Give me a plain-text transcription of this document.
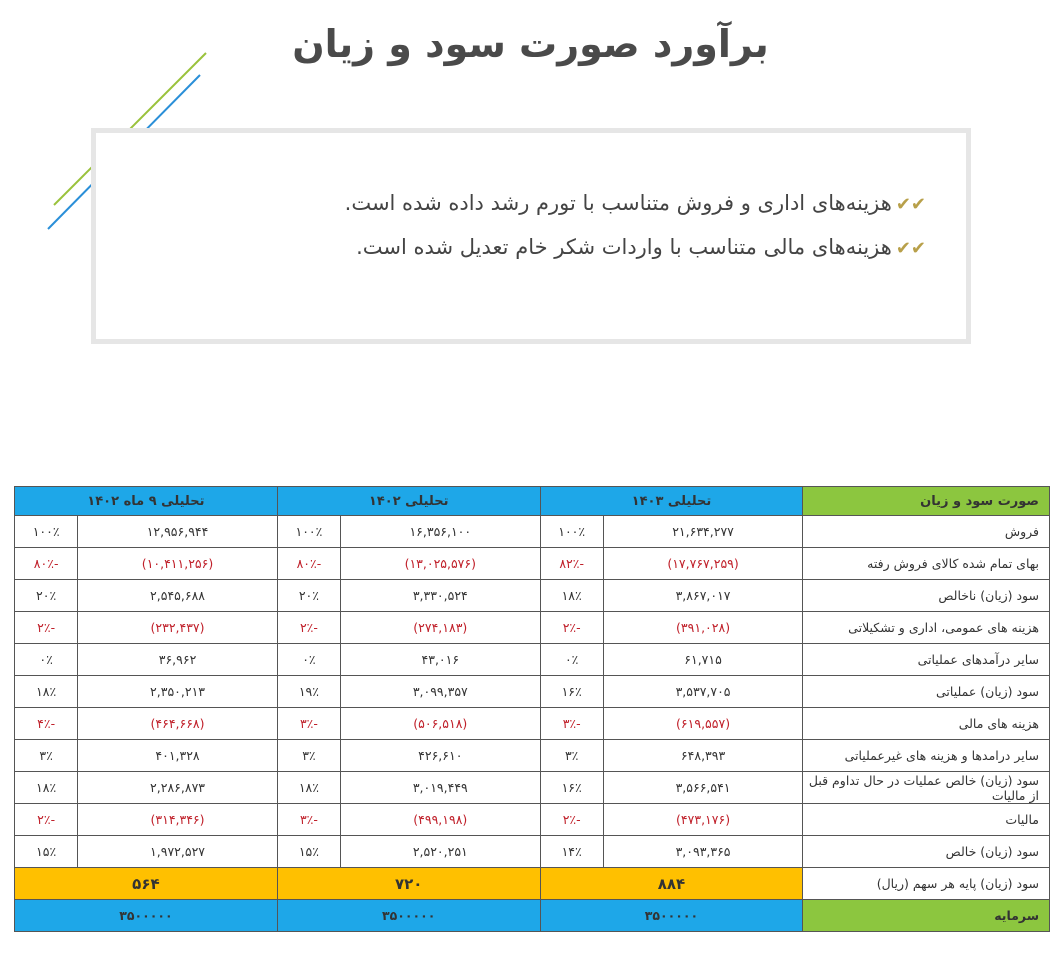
برآورد صورت سود و زیان
✔✔هزینه‌های اداری و فروش متناسب با تورم رشد داده شده است.
✔✔هزینه‌های مالی متناسب با واردات شکر خام تعدیل شده است.
صورت سود و زیان	تحلیلی ۱۴۰۳		تحلیلی ۱۴۰۲		تحلیلی ۹ ماه ۱۴۰۲	
فروش	۲۱,۶۳۴,۲۷۷	۱۰۰٪	۱۶,۳۵۶,۱۰۰	۱۰۰٪	۱۲,۹۵۶,۹۴۴	۱۰۰٪
بهای تمام شده کالای فروش رفته	(۱۷,۷۶۷,۲۵۹)	-۸۲٪	(۱۳,۰۲۵,۵۷۶)	-۸۰٪	(۱۰,۴۱۱,۲۵۶)	-۸۰٪
سود (زیان) ناخالص	۳,۸۶۷,۰۱۷	۱۸٪	۳,۳۳۰,۵۲۴	۲۰٪	۲,۵۴۵,۶۸۸	۲۰٪
هزینه های عمومی، اداری و تشکیلاتی	(۳۹۱,۰۲۸)	-۲٪	(۲۷۴,۱۸۳)	-۲٪	(۲۳۲,۴۳۷)	-۲٪
سایر درآمدهای عملیاتی	۶۱,۷۱۵	۰٪	۴۳,۰۱۶	۰٪	۳۶,۹۶۲	۰٪
سود (زیان) عملیاتی	۳,۵۳۷,۷۰۵	۱۶٪	۳,۰۹۹,۳۵۷	۱۹٪	۲,۳۵۰,۲۱۳	۱۸٪
هزینه های مالی	(۶۱۹,۵۵۷)	-۳٪	(۵۰۶,۵۱۸)	-۳٪	(۴۶۴,۶۶۸)	-۴٪
سایر درامدها و هزینه های غیرعملیاتی	۶۴۸,۳۹۳	۳٪	۴۲۶,۶۱۰	۳٪	۴۰۱,۳۲۸	۳٪
سود (زیان) خالص عملیات در حال تداوم قبل از مالیات	۳,۵۶۶,۵۴۱	۱۶٪	۳,۰۱۹,۴۴۹	۱۸٪	۲,۲۸۶,۸۷۳	۱۸٪
مالیات	(۴۷۳,۱۷۶)	-۲٪	(۴۹۹,۱۹۸)	-۳٪	(۳۱۴,۳۴۶)	-۲٪
سود (زیان) خالص	۳,۰۹۳,۳۶۵	۱۴٪	۲,۵۲۰,۲۵۱	۱۵٪	۱,۹۷۲,۵۲۷	۱۵٪
سود (زیان) پایه هر سهم (ریال)	۸۸۴		۷۲۰		۵۶۴	
سرمایه	۳۵۰۰۰۰۰		۳۵۰۰۰۰۰		۳۵۰۰۰۰۰	
